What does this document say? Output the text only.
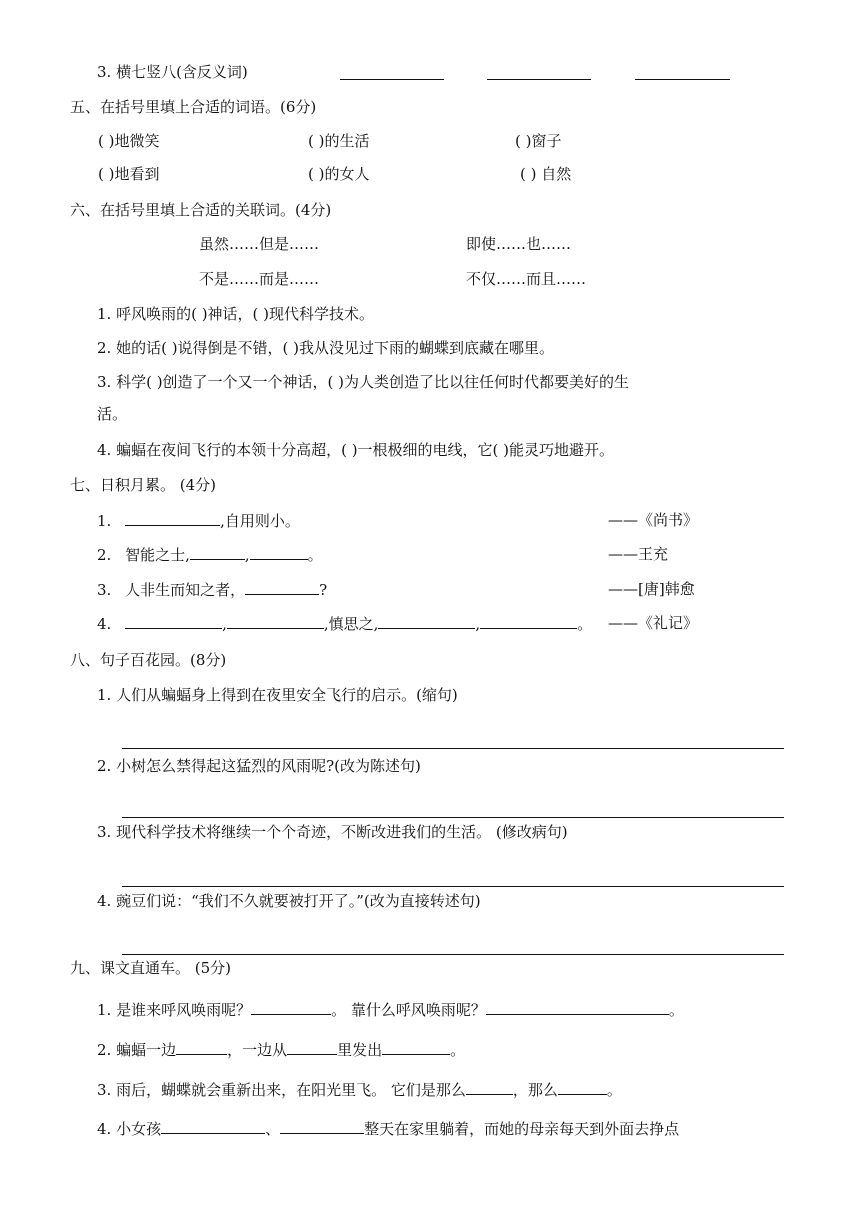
3. 横七竖八(含反义词)
五、在括号里填上合适的词语。(6分)
( )地微笑	( )的生活	( )窗子
( )地看到	( )的女人	( ) 自然
六、在括号里填上合适的关联词。(4分)
虽然……但是……	即使……也……
不是……而是……	不仅……而且……
1. 呼风唤雨的( )神话，( )现代科学技术。
2. 她的话( )说得倒是不错，( )我从没见过下雨的蝴蝶到底藏在哪里。
3. 科学( )创造了一个又一个神话，( )为人类创造了比以往任何时代都要美好的生
活。
4. 蝙蝠在夜间飞行的本领十分高超，( )一根极细的电线，它( )能灵巧地避开。
七、日积月累。 (4分)
1.	,自用则小。	——《尚书》
2. 智能之士,	,	。	——王充
3. 人非生而知之者，	?	——[唐]韩愈
4.	,	,慎思之,	,	。 ——《礼记》
八、句子百花园。(8分)
1. 人们从蝙蝠身上得到在夜里安全飞行的启示。(缩句)
2. 小树怎么禁得起这猛烈的风雨呢?(改为陈述句)
3. 现代科学技术将继续一个个奇迹，不断改进我们的生活。 (修改病句)
4. 豌豆们说：“我们不久就要被打开了。”(改为直接转述句)
九、课文直通车。 (5分)
1. 是谁来呼风唤雨呢？	。 靠什么呼风唤雨呢？	。
2. 蝙蝠一边	，一边从	里发出	。
3. 雨后，蝴蝶就会重新出来，在阳光里飞。 它们是那么	，那么	。
4. 小女孩	、	整天在家里躺着，而她的母亲每天到外面去挣点
